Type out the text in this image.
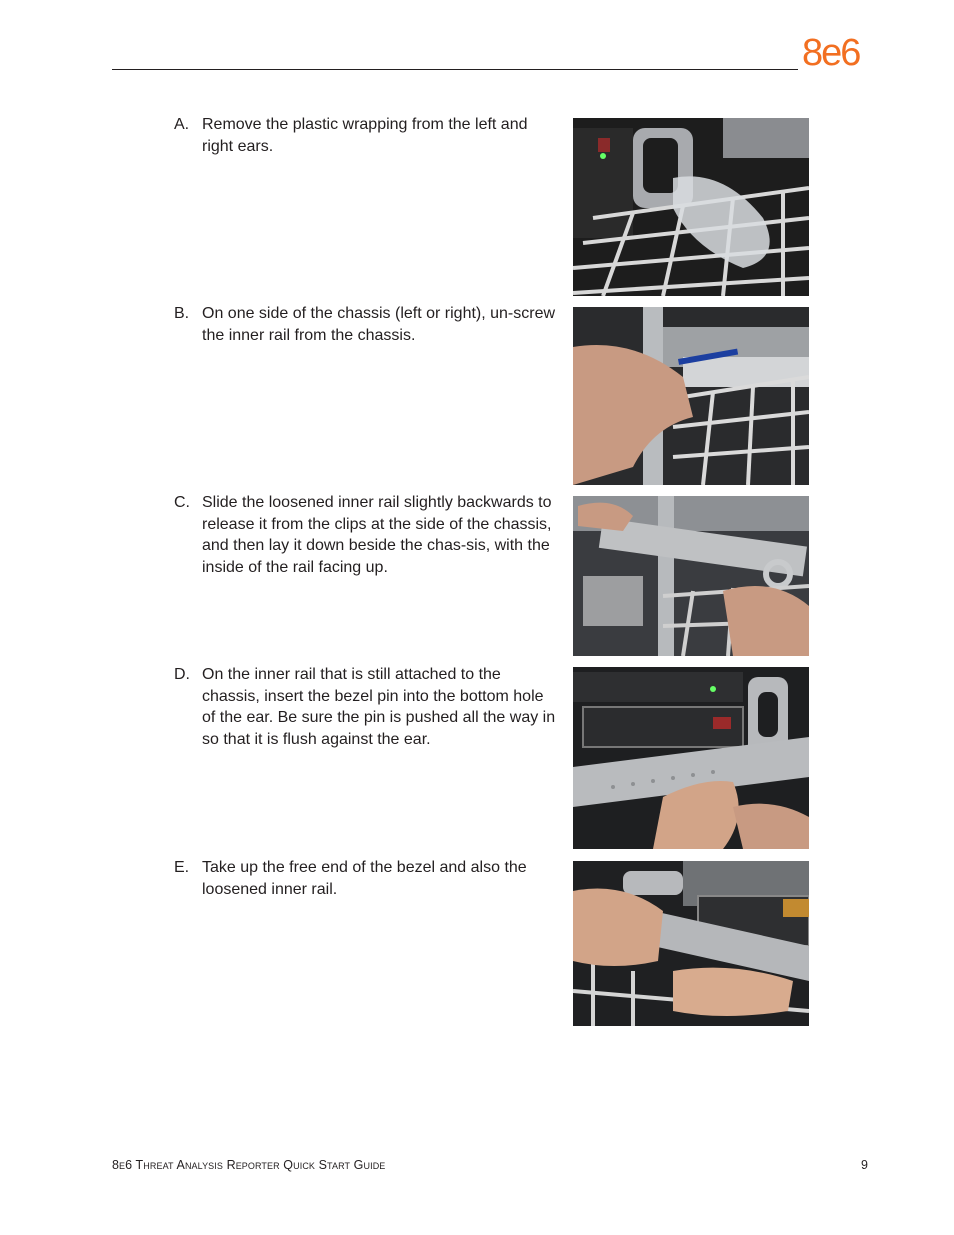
8e6
A. Remove the plastic wrapping from the left and right ears.
B. On one side of the chassis (left or right), un-screw the inner rail from the chassis.
C. Slide the loosened inner rail slightly backwards to release it from the clips at the side of the chassis, and then lay it down beside the chas-sis, with the inside of the rail facing up.
D. On the inner rail that is still attached to the chassis, insert the bezel pin into the bottom hole of the ear. Be sure the pin is pushed all the way in so that it is flush against the ear.
E. Take up the free end of the bezel and also the loosened inner rail.
8e6 Threat Analysis Reporter Quick Start Guide	9
